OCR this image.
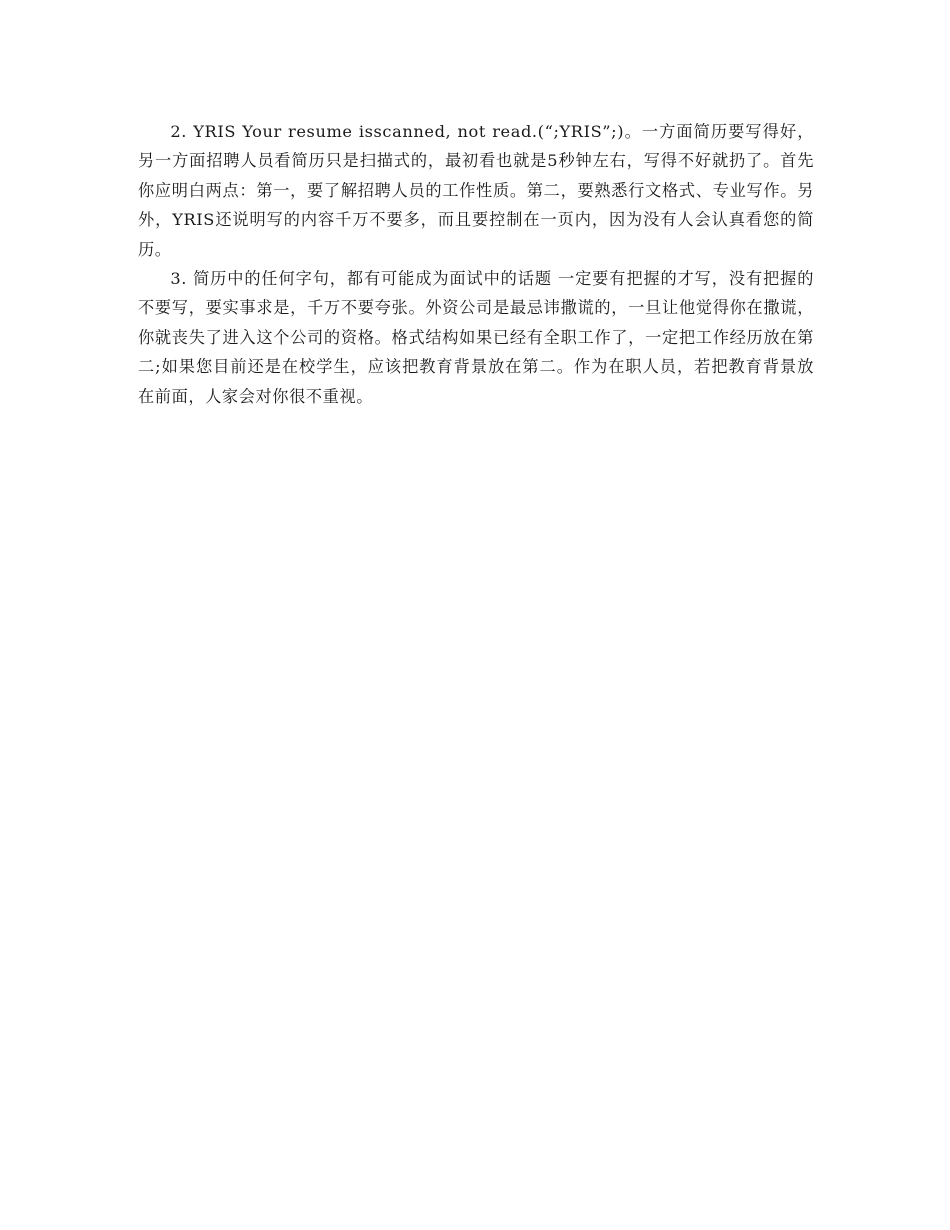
2. YRIS Your resume isscanned, not read.(“;YRIS”;)。一方面简历要写得好，另一方面招聘人员看简历只是扫描式的，最初看也就是5秒钟左右，写得不好就扔了。首先你应明白两点：第一，要了解招聘人员的工作性质。第二，要熟悉行文格式、专业写作。另外，YRIS还说明写的内容千万不要多，而且要控制在一页内，因为没有人会认真看您的简历。

3. 简历中的任何字句，都有可能成为面试中的话题 一定要有把握的才写，没有把握的不要写，要实事求是，千万不要夸张。外资公司是最忌讳撒谎的，一旦让他觉得你在撒谎，你就丧失了进入这个公司的资格。格式结构如果已经有全职工作了，一定把工作经历放在第二;如果您目前还是在校学生，应该把教育背景放在第二。作为在职人员，若把教育背景放在前面，人家会对你很不重视。
